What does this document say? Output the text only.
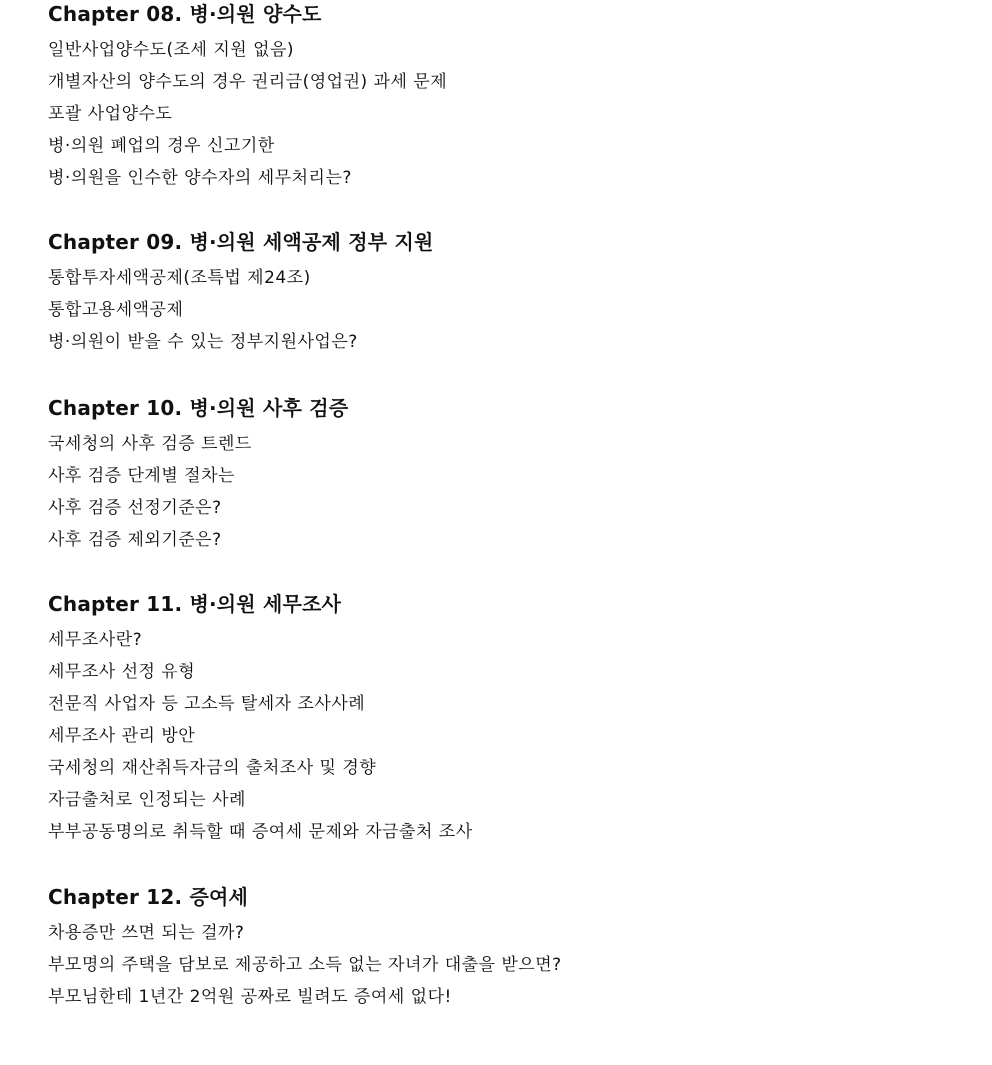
Chapter 08. 병·의원 양수도
일반사업양수도(조세 지원 없음)
개별자산의 양수도의 경우 권리금(영업권) 과세 문제
포괄 사업양수도
병·의원 폐업의 경우 신고기한
병·의원을 인수한 양수자의 세무처리는?
Chapter 09. 병·의원 세액공제 정부 지원
통합투자세액공제(조특법 제24조)
통합고용세액공제
병·의원이 받을 수 있는 정부지원사업은?
Chapter 10. 병·의원 사후 검증
국세청의 사후 검증 트렌드
사후 검증 단계별 절차는
사후 검증 선정기준은?
사후 검증 제외기준은?
Chapter 11. 병·의원 세무조사
세무조사란?
세무조사 선정 유형
전문직 사업자 등 고소득 탈세자 조사사례
세무조사 관리 방안
국세청의 재산취득자금의 출처조사 및 경향
자금출처로 인정되는 사례
부부공동명의로 취득할 때 증여세 문제와 자금출처 조사
Chapter 12. 증여세
차용증만 쓰면 되는 걸까?
부모명의 주택을 담보로 제공하고 소득 없는 자녀가 대출을 받으면?
부모님한테 1년간 2억원 공짜로 빌려도 증여세 없다!
